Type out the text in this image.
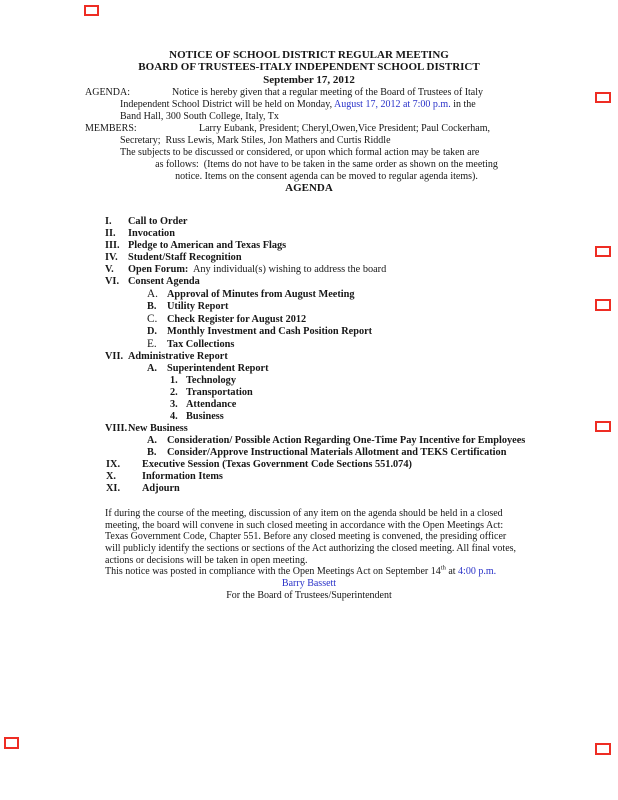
NOTICE OF SCHOOL DISTRICT REGULAR MEETING
BOARD OF TRUSTEES-ITALY INDEPENDENT SCHOOL DISTRICT
September 17, 2012
AGENDA:	Notice is hereby given that a regular meeting of the Board of Trustees of Italy
Independent School District will be held on Monday, August 17, 2012 at 7:00 p.m. in the
Band Hall, 300 South College, Italy, Tx
MEMBERS:	Larry Eubank, President; Cheryl,Owen,Vice President; Paul Cockerham,
Secretary;  Russ Lewis, Mark Stiles, Jon Mathers and Curtis Riddle
The subjects to be discussed or considered, or upon which formal action may be taken are
as follows:  (Items do not have to be taken in the same order as shown on the meeting
notice. Items on the consent agenda can be moved to regular agenda items).
AGENDA
I. Call to Order
II. Invocation
III. Pledge to American and Texas Flags
IV. Student/Staff Recognition
V. Open Forum:  Any individual(s) wishing to address the board
VI. Consent Agenda
A. Approval of Minutes from August Meeting
B. Utility Report
C. Check Register for August 2012
D. Monthly Investment and Cash Position Report
E. Tax Collections
VII. Administrative Report
A. Superintendent Report
1. Technology
2. Transportation
3. Attendance
4. Business
VIII.New Business
A. Consideration/ Possible Action Regarding One-Time Pay Incentive for Employees
B. Consider/Approve Instructional Materials Allotment and TEKS Certification
IX. Executive Session (Texas Government Code Sections 551.074)
X.	Information Items
XI. Adjourn
If during the course of the meeting, discussion of any item on the agenda should be held in a closed
meeting, the board will convene in such closed meeting in accordance with the Open Meetings Act:
Texas Government Code, Chapter 551. Before any closed meeting is convened, the presiding officer
will publicly identify the sections or sections of the Act authorizing the closed meeting. All final votes,
actions or decisions will be taken in open meeting.
This notice was posted in compliance with the Open Meetings Act on September 14th at 4:00 p.m.
Barry Bassett
For the Board of Trustees/Superintendent
